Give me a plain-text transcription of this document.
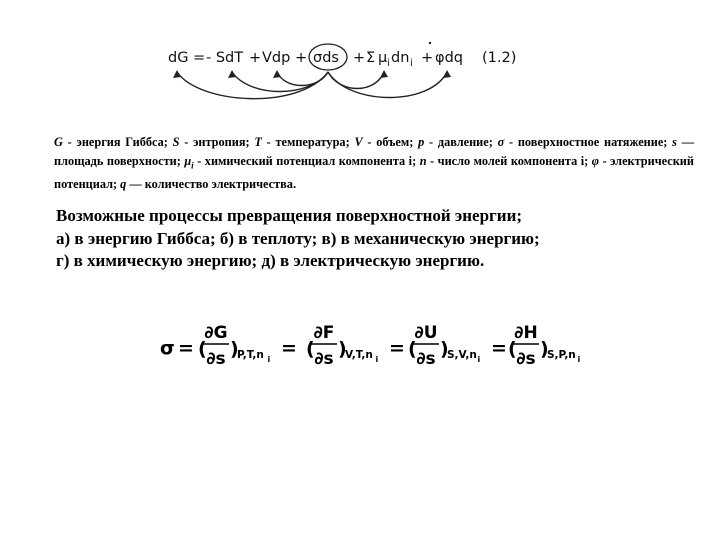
dG = - SdT + Vdp + σds + Σ μ i dn i + φdq (1.2)
G - энергия Гиббса; S - энтропия; T - температура; V - объем; p - давление; σ - поверхностное натяжение; s — площадь поверхности; $\mu_i$ - химический потенциал компонента i; n - число молей компонента i; φ - электрический потенциал; q — количество электричества.

Возможные процессы превращения поверхностной энергии;

а) в энергию Гиббса; б) в теплоту; в) в механическую энергию;

г) в химическую энергию; д) в электрическую энергию.

σ = (
∂G
∂s )
P,T,n i
= (
∂F
∂s )
V,T,n i
= (
∂U
∂s )
S,V,n i
= (
∂H
∂s )
S,P,n i
